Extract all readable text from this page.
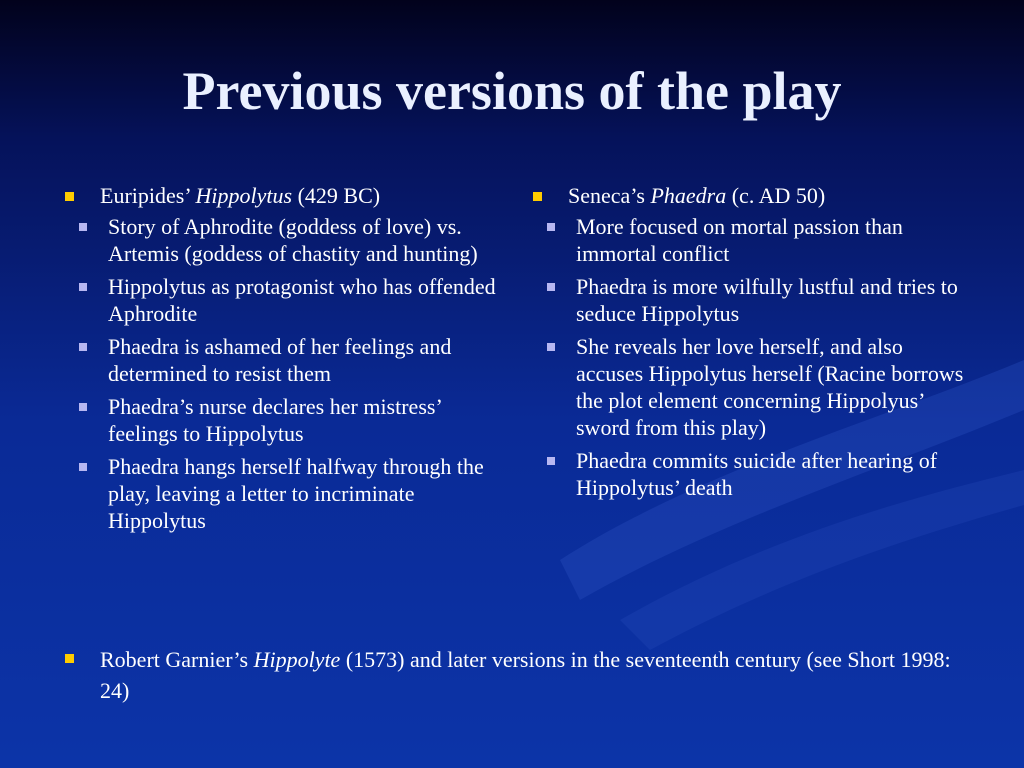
Previous versions of the play
Euripides’ Hippolytus (429 BC)
Story of Aphrodite (goddess of love) vs. Artemis (goddess of chastity and hunting)
Hippolytus as protagonist who has offended Aphrodite
Phaedra is ashamed of her feelings and determined to resist them
Phaedra’s nurse declares her mistress’ feelings to Hippolytus
Phaedra hangs herself halfway through the play, leaving a letter to incriminate Hippolytus
Seneca’s Phaedra (c. AD 50)
More focused on mortal passion than immortal conflict
Phaedra is more wilfully lustful and tries to seduce Hippolytus
She reveals her love herself, and also accuses Hippolytus herself (Racine borrows the plot element concerning Hippolyus’ sword from this play)
Phaedra commits suicide after hearing of Hippolytus’ death
Robert Garnier’s Hippolyte (1573) and later versions in the seventeenth century (see Short 1998: 24)
